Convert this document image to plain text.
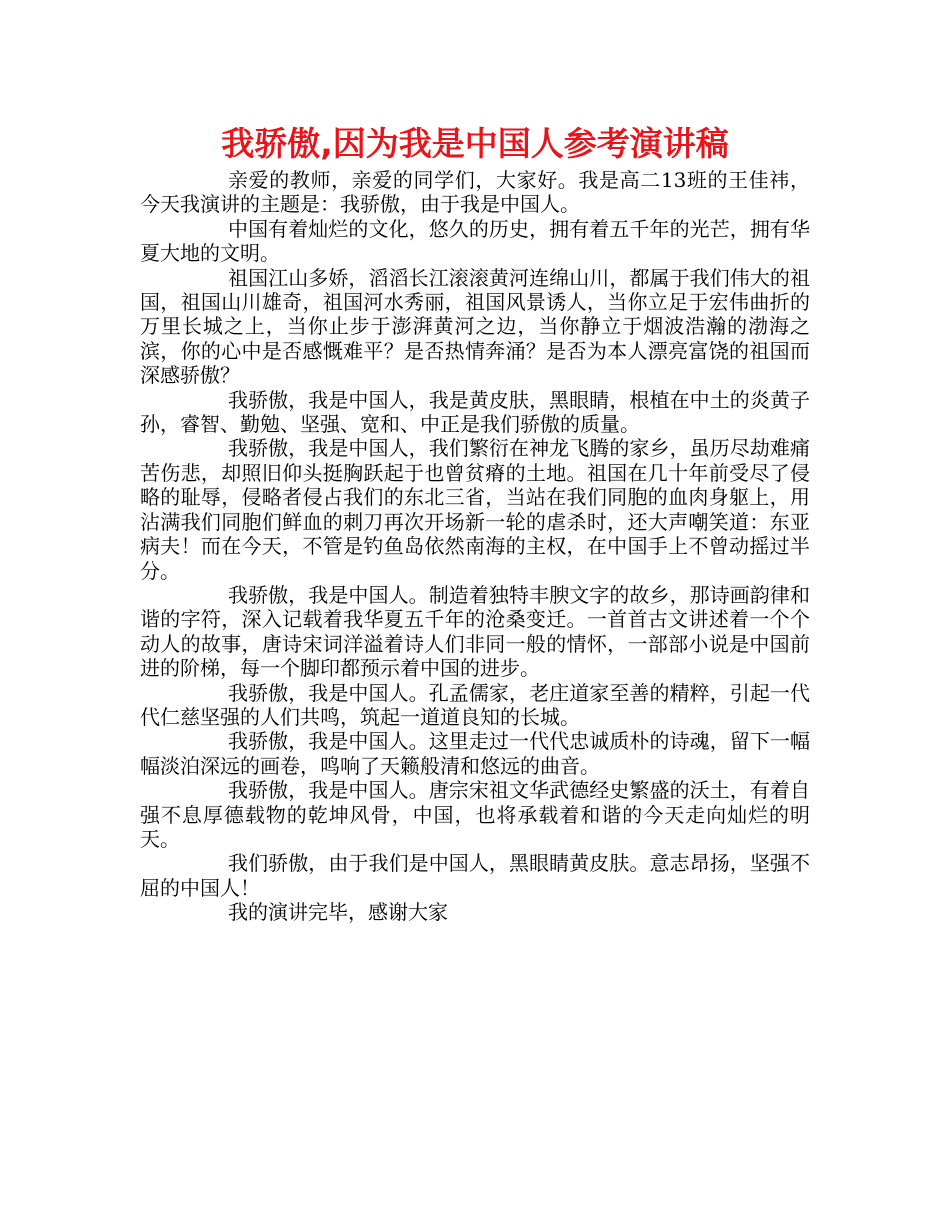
我骄傲,因为我是中国人参考演讲稿

亲爱的教师，亲爱的同学们，大家好。我是高二13班的王佳祎，今天我演讲的主题是：我骄傲，由于我是中国人。

中国有着灿烂的文化，悠久的历史，拥有着五千年的光芒，拥有华夏大地的文明。

祖国江山多娇，滔滔长江滚滚黄河连绵山川，都属于我们伟大的祖国，祖国山川雄奇，祖国河水秀丽，祖国风景诱人，当你立足于宏伟曲折的万里长城之上，当你止步于澎湃黄河之边，当你静立于烟波浩瀚的渤海之滨，你的心中是否感慨难平？是否热情奔涌？是否为本人漂亮富饶的祖国而深感骄傲？

我骄傲，我是中国人，我是黄皮肤，黑眼睛，根植在中土的炎黄子孙，睿智、勤勉、坚强、宽和、中正是我们骄傲的质量。

我骄傲，我是中国人，我们繁衍在神龙飞腾的家乡，虽历尽劫难痛苦伤悲，却照旧仰头挺胸跃起于也曾贫瘠的土地。祖国在几十年前受尽了侵略的耻辱，侵略者侵占我们的东北三省，当站在我们同胞的血肉身躯上，用沾满我们同胞们鲜血的刺刀再次开场新一轮的虐杀时，还大声嘲笑道：东亚病夫！而在今天，不管是钓鱼岛依然南海的主权，在中国手上不曾动摇过半分。

我骄傲，我是中国人。制造着独特丰腴文字的故乡，那诗画韵律和谐的字符，深入记载着我华夏五千年的沧桑变迁。一首首古文讲述着一个个动人的故事，唐诗宋词洋溢着诗人们非同一般的情怀，一部部小说是中国前进的阶梯，每一个脚印都预示着中国的进步。

我骄傲，我是中国人。孔孟儒家，老庄道家至善的精粹，引起一代代仁慈坚强的人们共鸣，筑起一道道良知的长城。

我骄傲，我是中国人。这里走过一代代忠诚质朴的诗魂，留下一幅幅淡泊深远的画卷，鸣响了天籁般清和悠远的曲音。

我骄傲，我是中国人。唐宗宋祖文华武德经史繁盛的沃土，有着自强不息厚德载物的乾坤风骨，中国，也将承载着和谐的今天走向灿烂的明天。

我们骄傲，由于我们是中国人，黑眼睛黄皮肤。意志昂扬，坚强不屈的中国人！

我的演讲完毕，感谢大家
